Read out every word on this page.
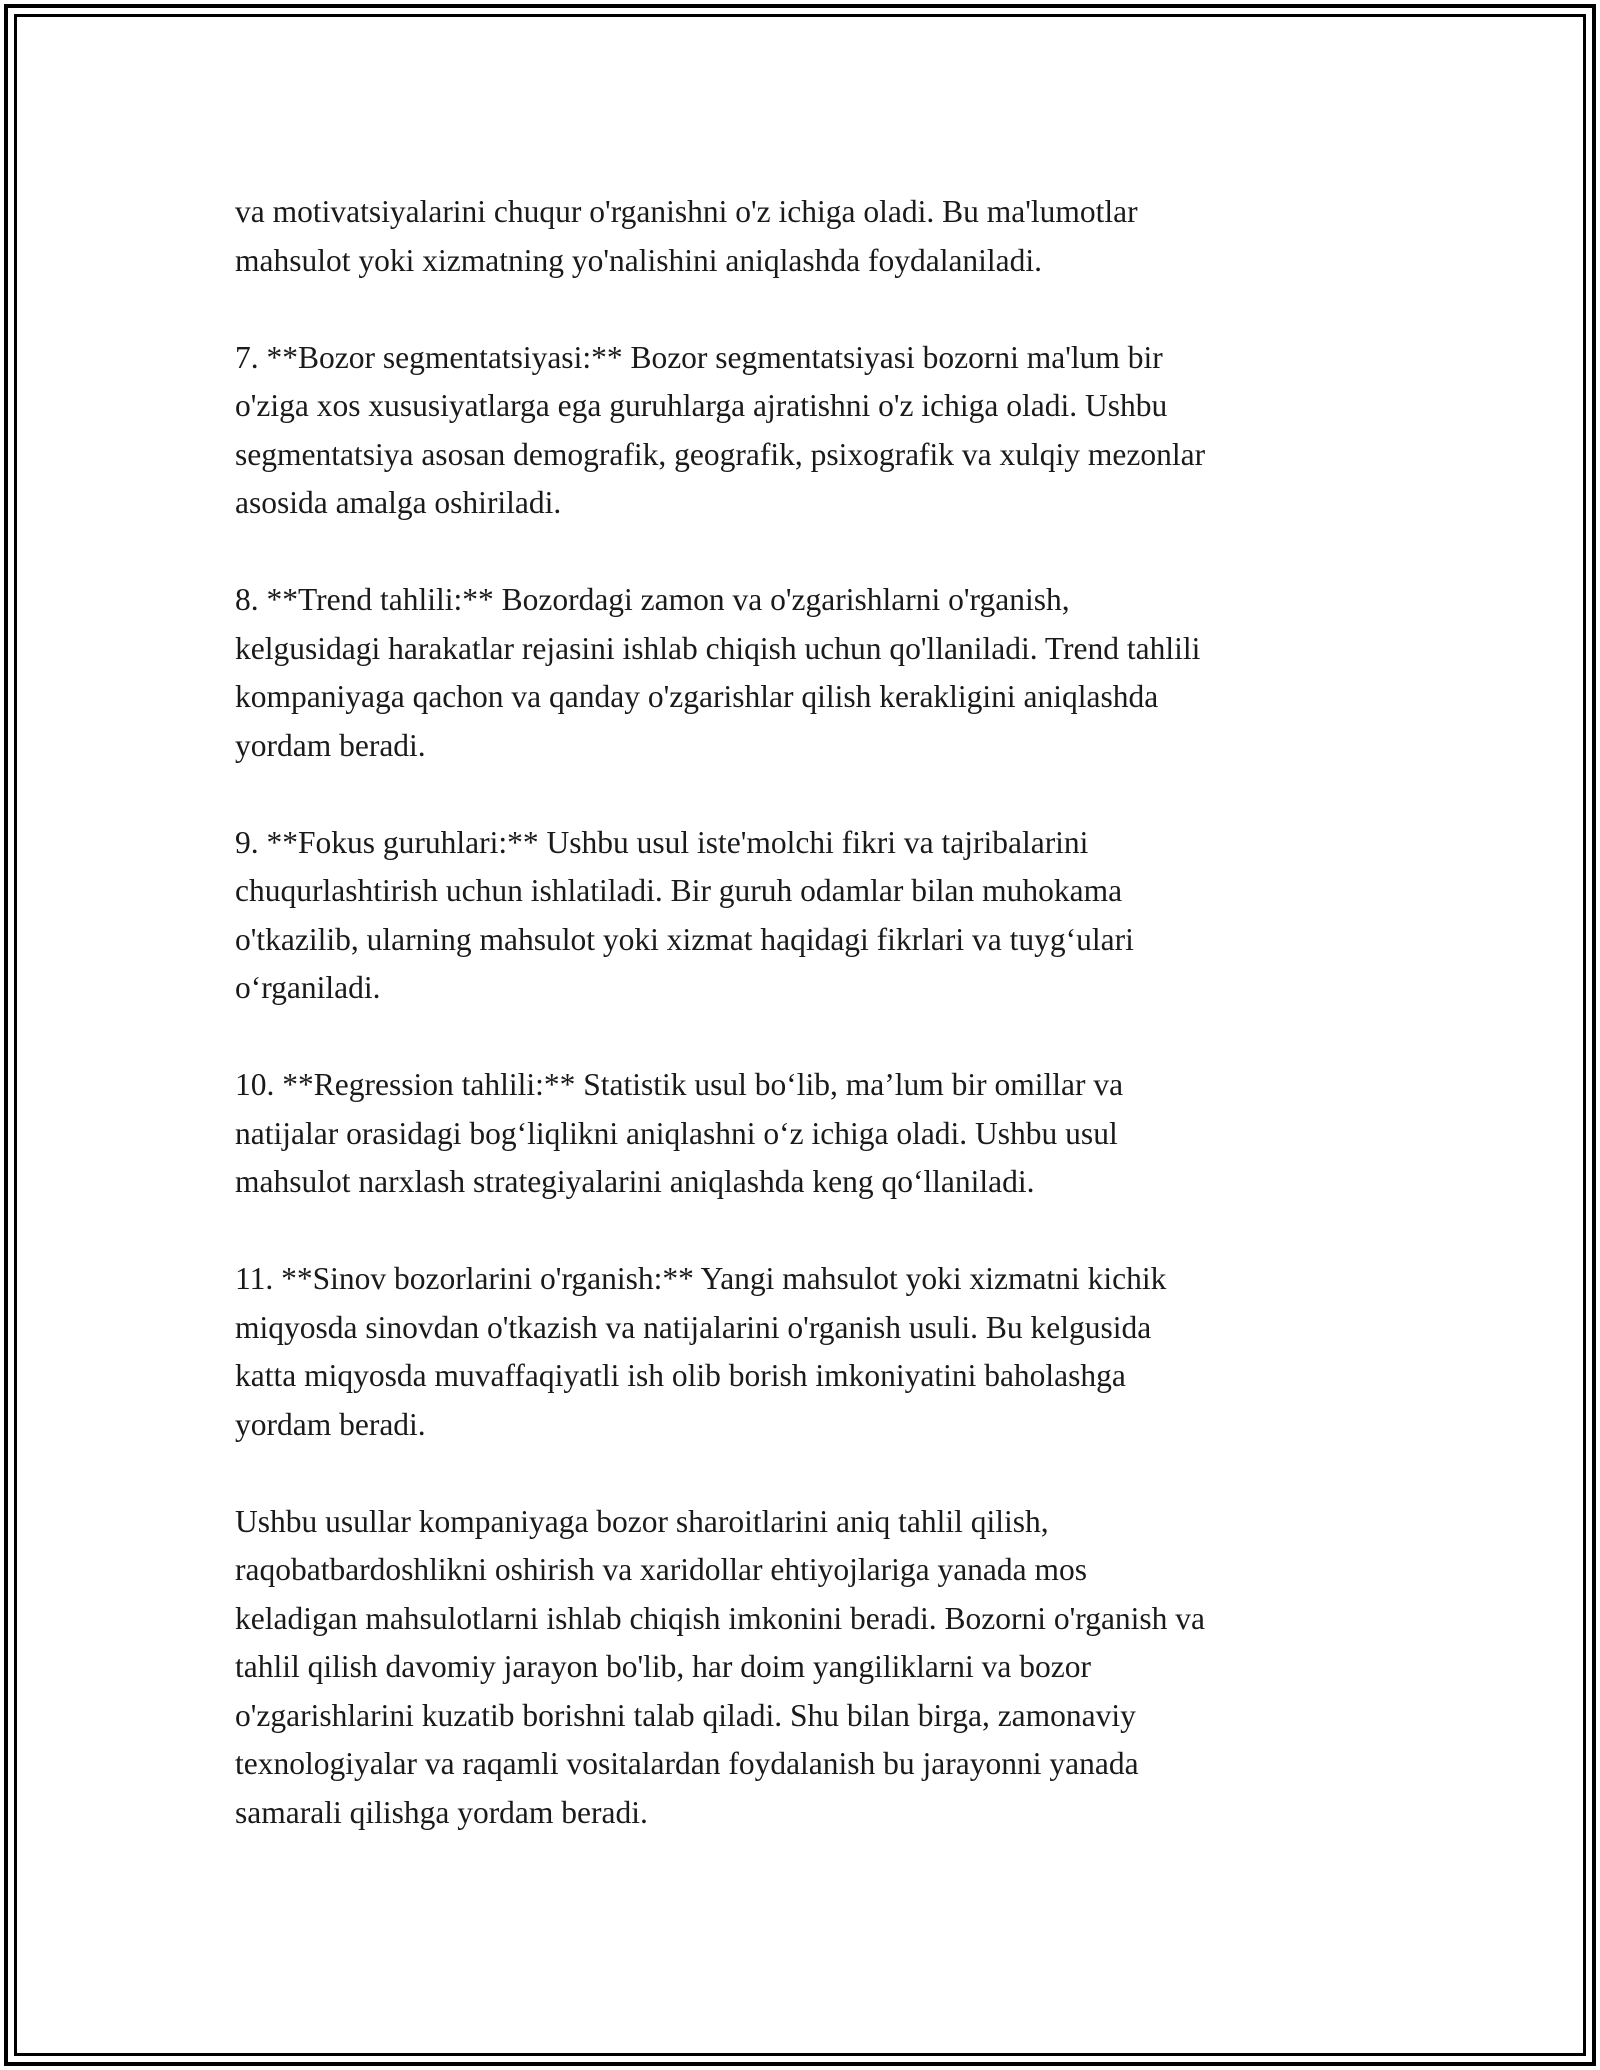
va motivatsiyalarini chuqur o'rganishni o'z ichiga oladi. Bu ma'lumotlar
mahsulot yoki xizmatning yo'nalishini aniqlashda foydalaniladi.

7. **Bozor segmentatsiyasi:** Bozor segmentatsiyasi bozorni ma'lum bir
o'ziga xos xususiyatlarga ega guruhlarga ajratishni o'z ichiga oladi. Ushbu
segmentatsiya asosan demografik, geografik, psixografik va xulqiy mezonlar
asosida amalga oshiriladi.

8. **Trend tahlili:** Bozordagi zamon va o'zgarishlarni o'rganish,
kelgusidagi harakatlar rejasini ishlab chiqish uchun qo'llaniladi. Trend tahlili
kompaniyaga qachon va qanday o'zgarishlar qilish kerakligini aniqlashda
yordam beradi.

9. **Fokus guruhlari:** Ushbu usul iste'molchi fikri va tajribalarini
chuqurlashtirish uchun ishlatiladi. Bir guruh odamlar bilan muhokama
o'tkazilib, ularning mahsulot yoki xizmat haqidagi fikrlari va tuyg‘ulari
o‘rganiladi.

10. **Regression tahlili:** Statistik usul bo‘lib, ma’lum bir omillar va
natijalar orasidagi bog‘liqlikni aniqlashni o‘z ichiga oladi. Ushbu usul
mahsulot narxlash strategiyalarini aniqlashda keng qo‘llaniladi.

11. **Sinov bozorlarini o'rganish:** Yangi mahsulot yoki xizmatni kichik
miqyosda sinovdan o'tkazish va natijalarini o'rganish usuli. Bu kelgusida
katta miqyosda muvaffaqiyatli ish olib borish imkoniyatini baholashga
yordam beradi.

Ushbu usullar kompaniyaga bozor sharoitlarini aniq tahlil qilish,
raqobatbardoshlikni oshirish va xaridollar ehtiyojlariga yanada mos
keladigan mahsulotlarni ishlab chiqish imkonini beradi. Bozorni o'rganish va
tahlil qilish davomiy jarayon bo'lib, har doim yangiliklarni va bozor
o'zgarishlarini kuzatib borishni talab qiladi. Shu bilan birga, zamonaviy
texnologiyalar va raqamli vositalardan foydalanish bu jarayonni yanada
samarali qilishga yordam beradi.
